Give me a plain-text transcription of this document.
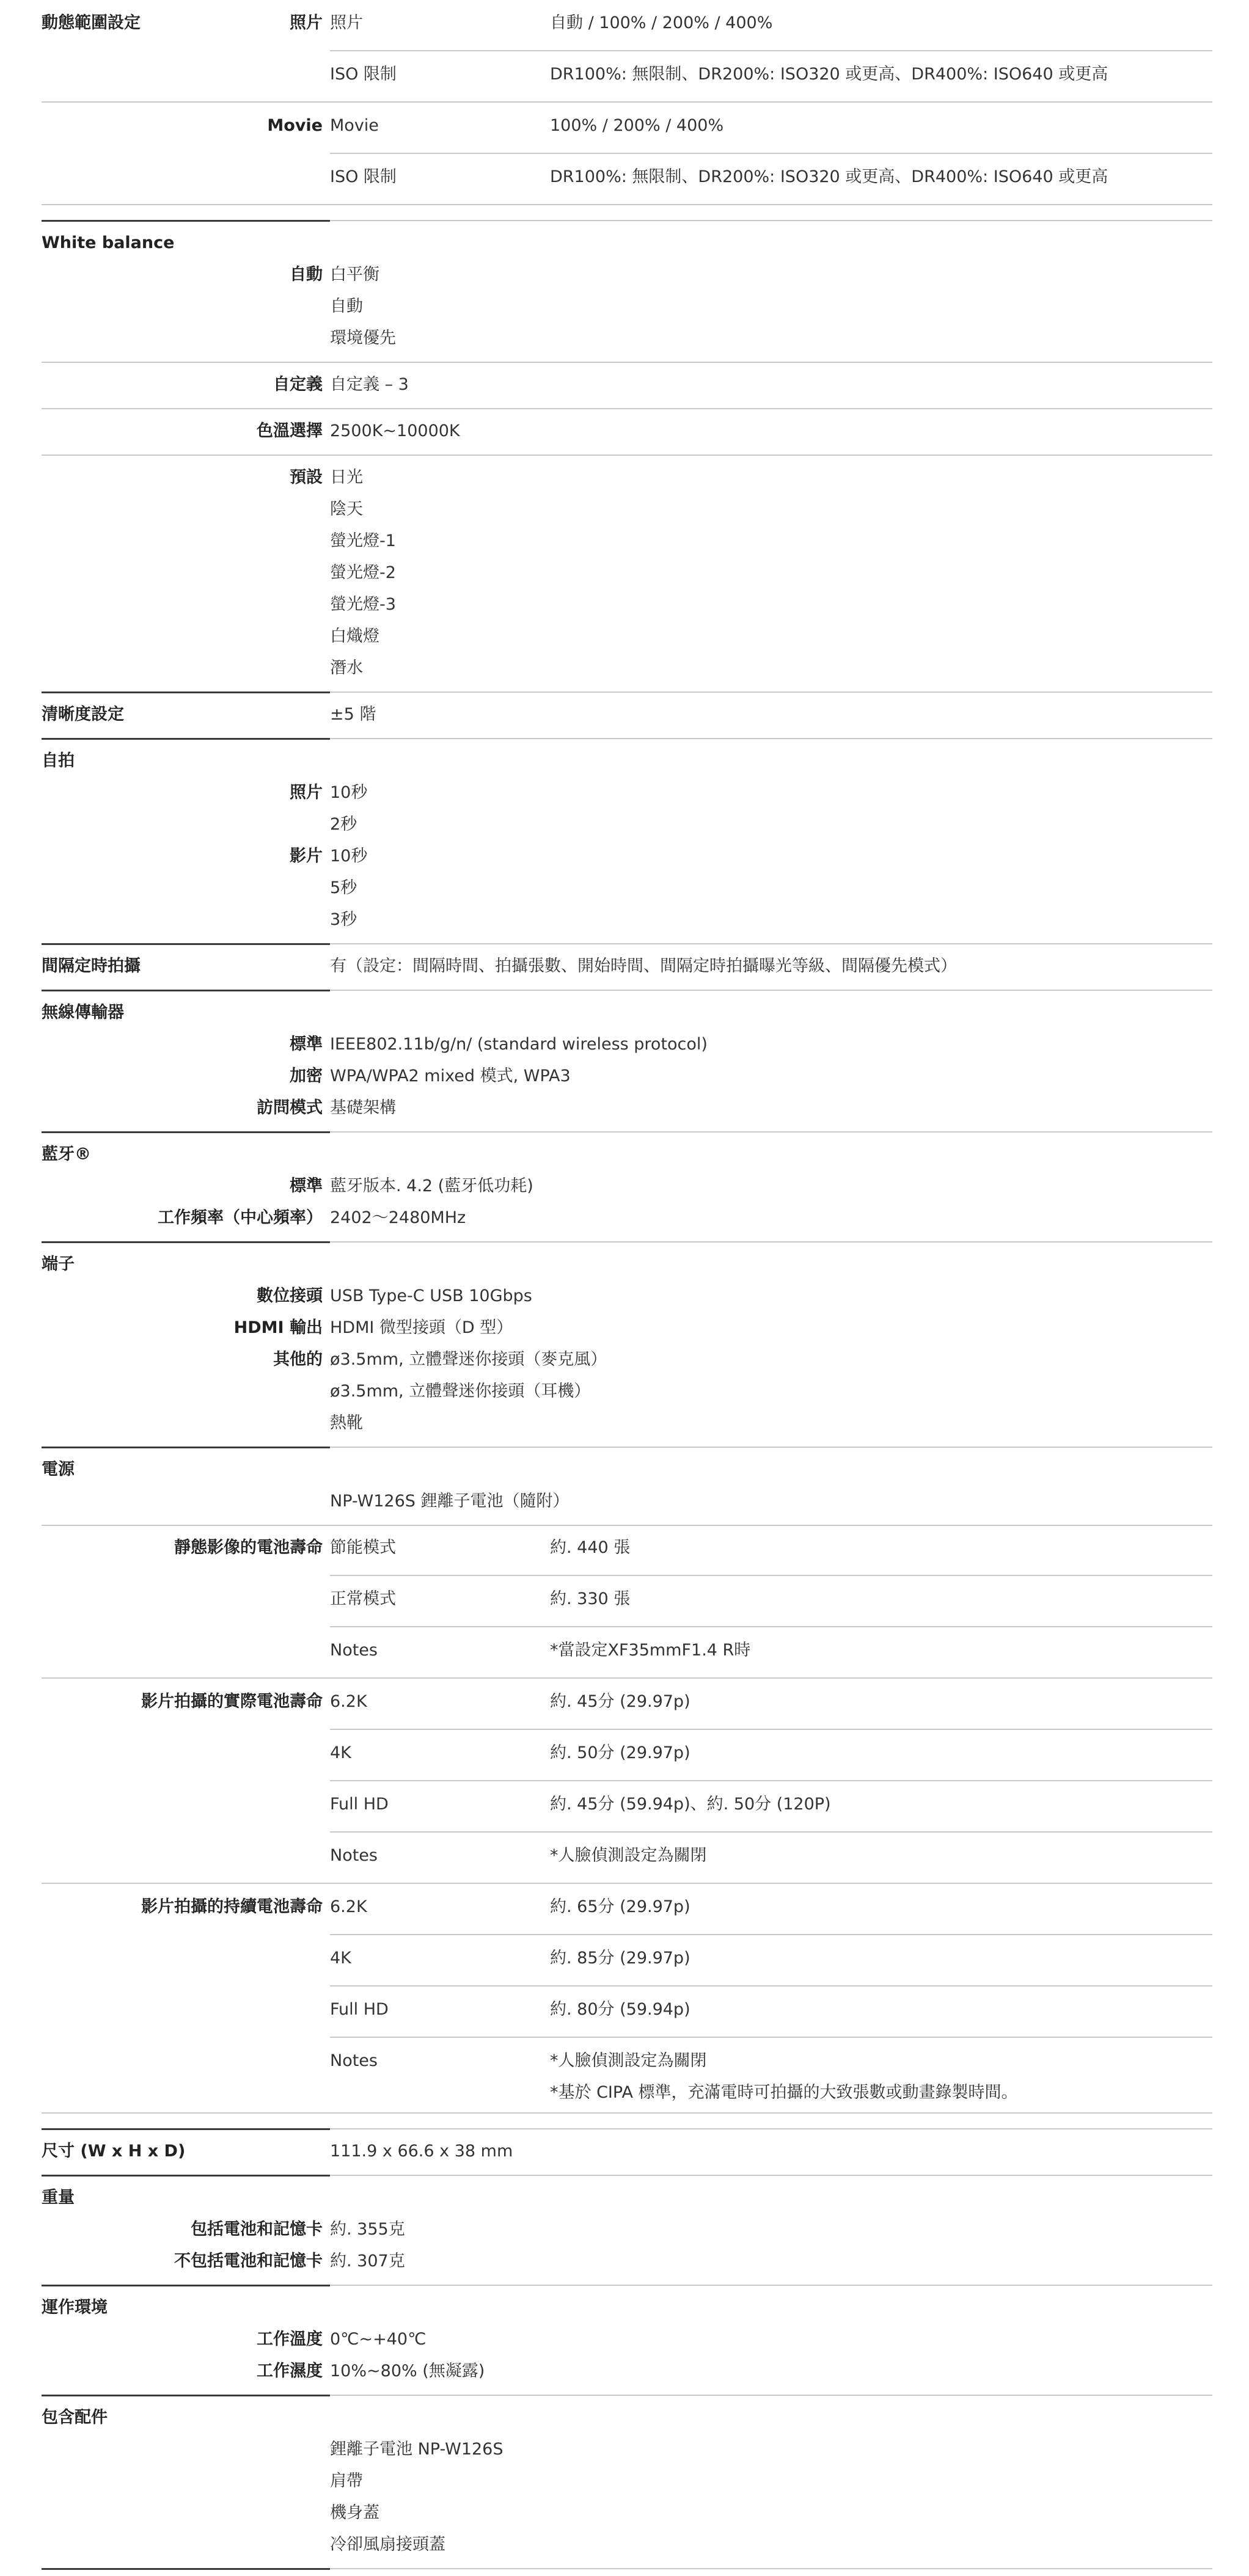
動態範圍設定	照片 照片	自動 / 100% / 200% / 400%
ISO 限制	DR100%: 無限制、DR200%: ISO320 或更高、DR400%: ISO640 或更高
Movie Movie	100% / 200% / 400%
ISO 限制	DR100%: 無限制、DR200%: ISO320 或更高、DR400%: ISO640 或更高
White balance
自動 白平衡
自動
環境優先
自定義 自定義 – 3
色溫選擇 2500K~10000K
預設 日光
陰天
螢光燈-1
螢光燈-2
螢光燈-3
白熾燈
潛水
清晰度設定	±5 階
自拍
照片 10秒
2秒
影片 10秒
5秒
3秒
間隔定時拍攝	有（設定：間隔時間、拍攝張數、開始時間、間隔定時拍攝曝光等級、間隔優先模式）
無線傳輸器
標準 IEEE802.11b/g/n/ (standard wireless protocol)
加密 WPA/WPA2 mixed 模式, WPA3
訪問模式 基礎架構
藍牙®
標準 藍牙版本. 4.2 (藍牙低功耗)
工作頻率（中心頻率） 2402～2480MHz
端子
數位接頭 USB Type-C USB 10Gbps
HDMI 輸出 HDMI 微型接頭（D 型）
其他的 ø3.5mm, 立體聲迷你接頭（麥克風）
ø3.5mm, 立體聲迷你接頭（耳機）
熱靴
電源
NP-W126S 鋰離子電池（隨附）
靜態影像的電池壽命 節能模式	約. 440 張
正常模式	約. 330 張
Notes	*當設定XF35mmF1.4 R時
影片拍攝的實際電池壽命 6.2K	約. 45分 (29.97p)
4K	約. 50分 (29.97p)
Full HD	約. 45分 (59.94p)、約. 50分 (120P)
Notes	*人臉偵測設定為關閉
影片拍攝的持續電池壽命 6.2K	約. 65分 (29.97p)
4K	約. 85分 (29.97p)
Full HD	約. 80分 (59.94p)
Notes	*人臉偵測設定為關閉
*基於 CIPA 標準，充滿電時可拍攝的大致張數或動畫錄製時間。
尺寸 (W x H x D)	111.9 x 66.6 x 38 mm
重量
包括電池和記憶卡 約. 355克
不包括電池和記憶卡 約. 307克
運作環境
工作溫度 0℃~+40℃
工作濕度 10%~80% (無凝露)
包含配件
鋰離子電池 NP-W126S
肩帶
機身蓋
冷卻風扇接頭蓋
